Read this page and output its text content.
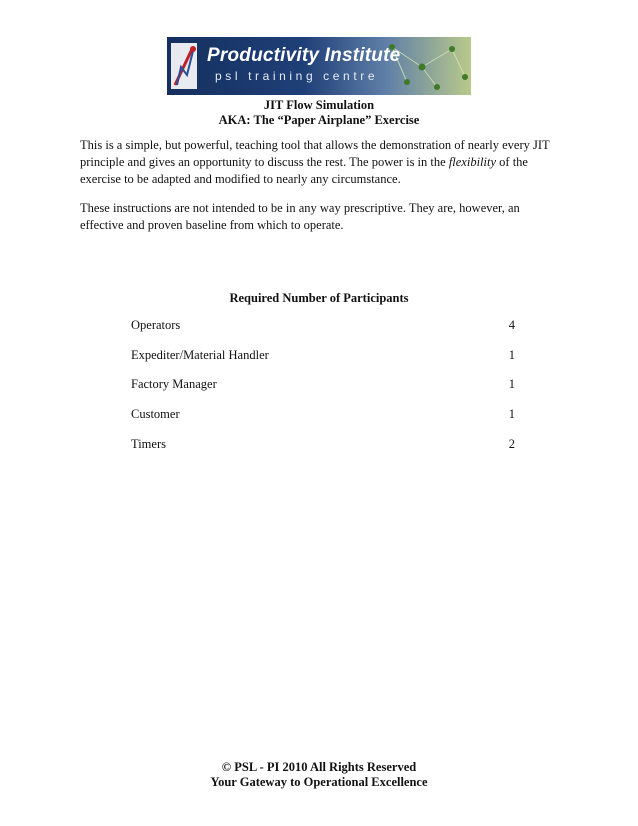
Productivity Institute
psl training centre
JIT Flow Simulation
AKA: The “Paper Airplane” Exercise
This is a simple, but powerful, teaching tool that allows the demonstration of nearly every JIT principle and gives an opportunity to discuss the rest. The power is in the flexibility of the exercise to be adapted and modified to nearly any circumstance.
These instructions are not intended to be in any way prescriptive. They are, however, an effective and proven baseline from which to operate.
Required Number of Participants
Operators	4
Expediter/Material Handler	1
Factory Manager	1
Customer	1
Timers	2
© PSL - PI 2010 All Rights Reserved
Your Gateway to Operational Excellence
